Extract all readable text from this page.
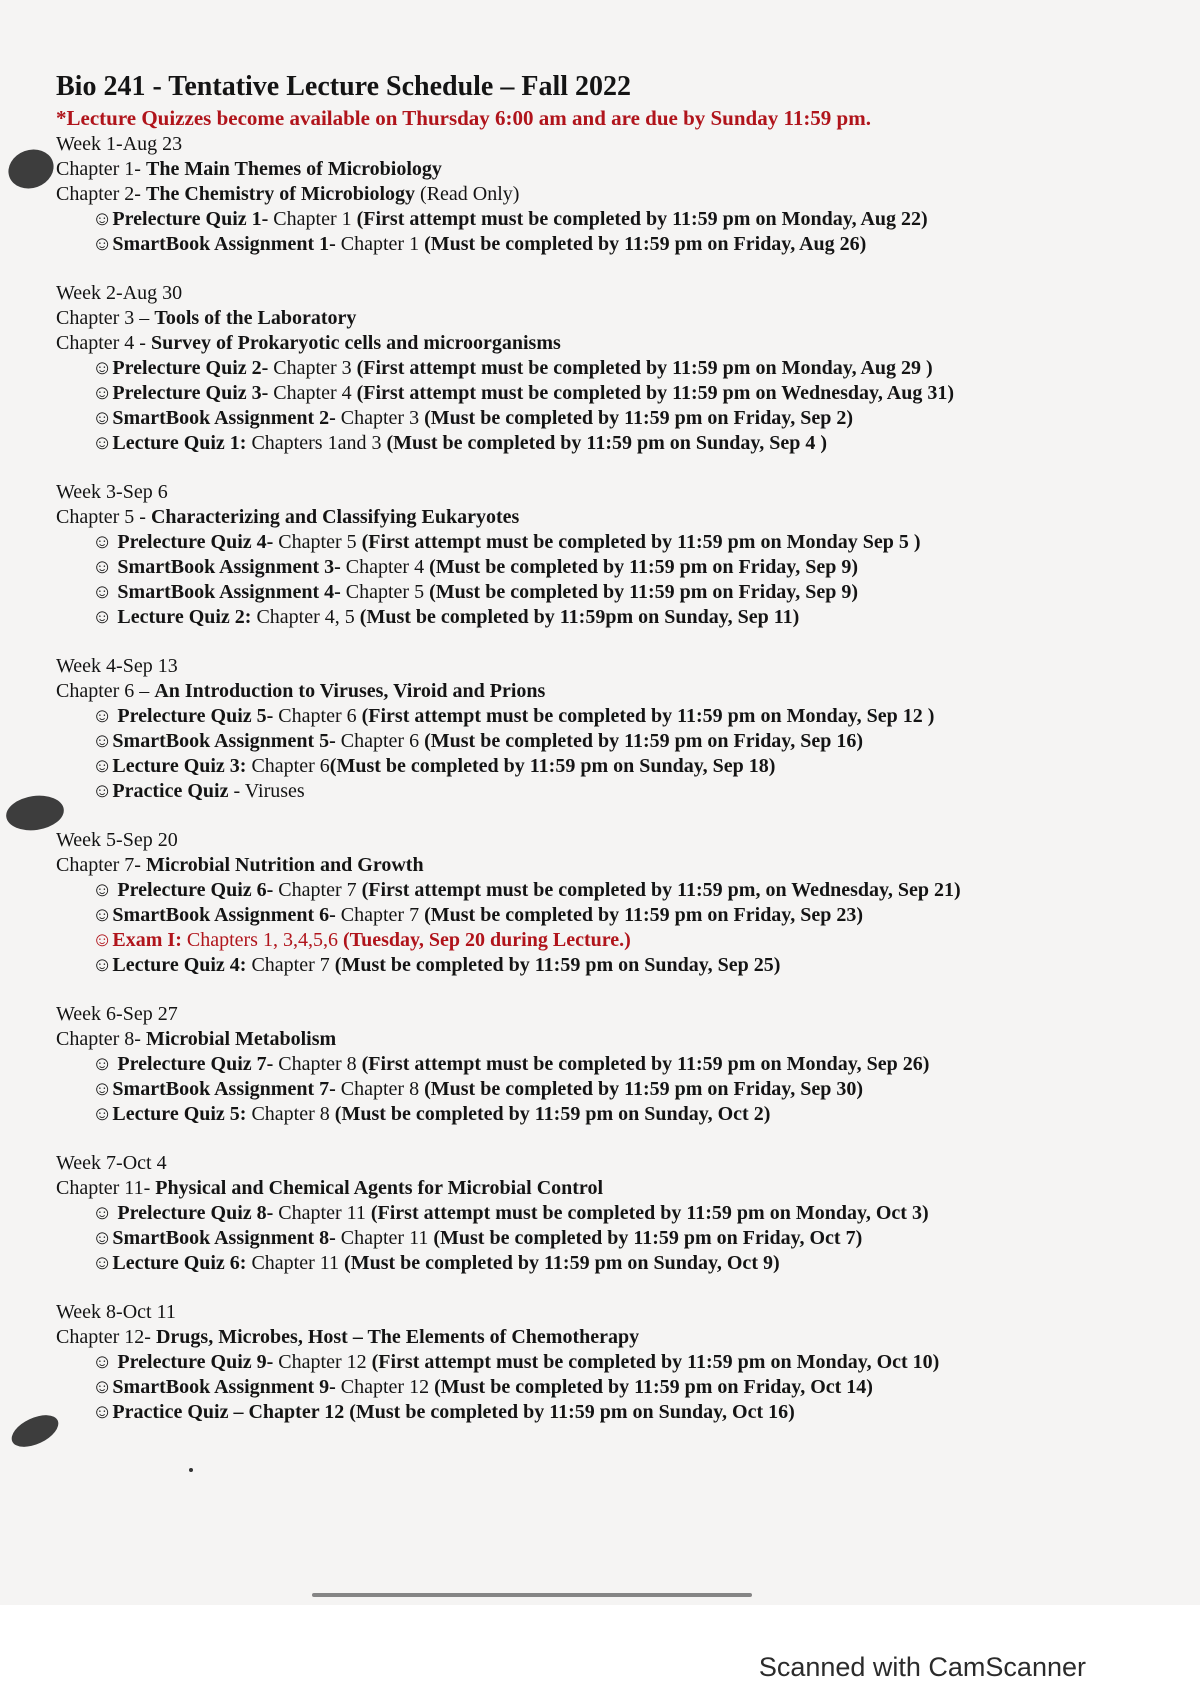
Bio 241 - Tentative Lecture Schedule – Fall 2022
*Lecture Quizzes become available on Thursday 6:00 am and are due by Sunday 11:59 pm.
Week 1-Aug 23
Chapter 1- The Main Themes of Microbiology
Chapter 2- The Chemistry of Microbiology (Read Only)
☺Prelecture Quiz 1- Chapter 1 (First attempt must be completed by 11:59 pm on Monday, Aug 22)
☺SmartBook Assignment 1- Chapter 1 (Must be completed by 11:59 pm on Friday, Aug 26)
Week 2-Aug 30
Chapter 3 – Tools of the Laboratory
Chapter 4 - Survey of Prokaryotic cells and microorganisms
☺Prelecture Quiz 2- Chapter 3 (First attempt must be completed by 11:59 pm on Monday, Aug 29 )
☺Prelecture Quiz 3- Chapter 4 (First attempt must be completed by 11:59 pm on Wednesday, Aug 31)
☺SmartBook Assignment 2- Chapter 3 (Must be completed by 11:59 pm on Friday, Sep 2)
☺Lecture Quiz 1: Chapters 1and 3 (Must be completed by 11:59 pm on Sunday, Sep 4 )
Week 3-Sep 6
Chapter 5 - Characterizing and Classifying Eukaryotes
☺ Prelecture Quiz 4- Chapter 5 (First attempt must be completed by 11:59 pm on Monday Sep 5 )
☺ SmartBook Assignment 3- Chapter 4 (Must be completed by 11:59 pm on Friday, Sep 9)
☺ SmartBook Assignment 4- Chapter 5 (Must be completed by 11:59 pm on Friday, Sep 9)
☺ Lecture Quiz 2: Chapter 4, 5 (Must be completed by 11:59pm on Sunday, Sep 11)
Week 4-Sep 13
Chapter 6 – An Introduction to Viruses, Viroid and Prions
☺ Prelecture Quiz 5- Chapter 6 (First attempt must be completed by 11:59 pm on Monday, Sep 12 )
☺SmartBook Assignment 5- Chapter 6 (Must be completed by 11:59 pm on Friday, Sep 16)
☺Lecture Quiz 3: Chapter 6(Must be completed by 11:59 pm on Sunday, Sep 18)
☺Practice Quiz - Viruses
Week 5-Sep 20
Chapter 7- Microbial Nutrition and Growth
☺ Prelecture Quiz 6- Chapter 7 (First attempt must be completed by 11:59 pm, on Wednesday, Sep 21)
☺SmartBook Assignment 6- Chapter 7 (Must be completed by 11:59 pm on Friday, Sep 23)
☺Exam I: Chapters 1, 3,4,5,6 (Tuesday, Sep 20 during Lecture.)
☺Lecture Quiz 4: Chapter 7 (Must be completed by 11:59 pm on Sunday, Sep 25)
Week 6-Sep 27
Chapter 8- Microbial Metabolism
☺ Prelecture Quiz 7- Chapter 8 (First attempt must be completed by 11:59 pm on Monday, Sep 26)
☺SmartBook Assignment 7- Chapter 8 (Must be completed by 11:59 pm on Friday, Sep 30)
☺Lecture Quiz 5: Chapter 8 (Must be completed by 11:59 pm on Sunday, Oct 2)
Week 7-Oct 4
Chapter 11- Physical and Chemical Agents for Microbial Control
☺ Prelecture Quiz 8- Chapter 11 (First attempt must be completed by 11:59 pm on Monday, Oct 3)
☺SmartBook Assignment 8- Chapter 11 (Must be completed by 11:59 pm on Friday, Oct 7)
☺Lecture Quiz 6: Chapter 11 (Must be completed by 11:59 pm on Sunday, Oct 9)
Week 8-Oct 11
Chapter 12- Drugs, Microbes, Host – The Elements of Chemotherapy
☺ Prelecture Quiz 9- Chapter 12 (First attempt must be completed by 11:59 pm on Monday, Oct 10)
☺SmartBook Assignment 9- Chapter 12 (Must be completed by 11:59 pm on Friday, Oct 14)
☺Practice Quiz – Chapter 12 (Must be completed by 11:59 pm on Sunday, Oct 16)
Scanned with CamScanner
